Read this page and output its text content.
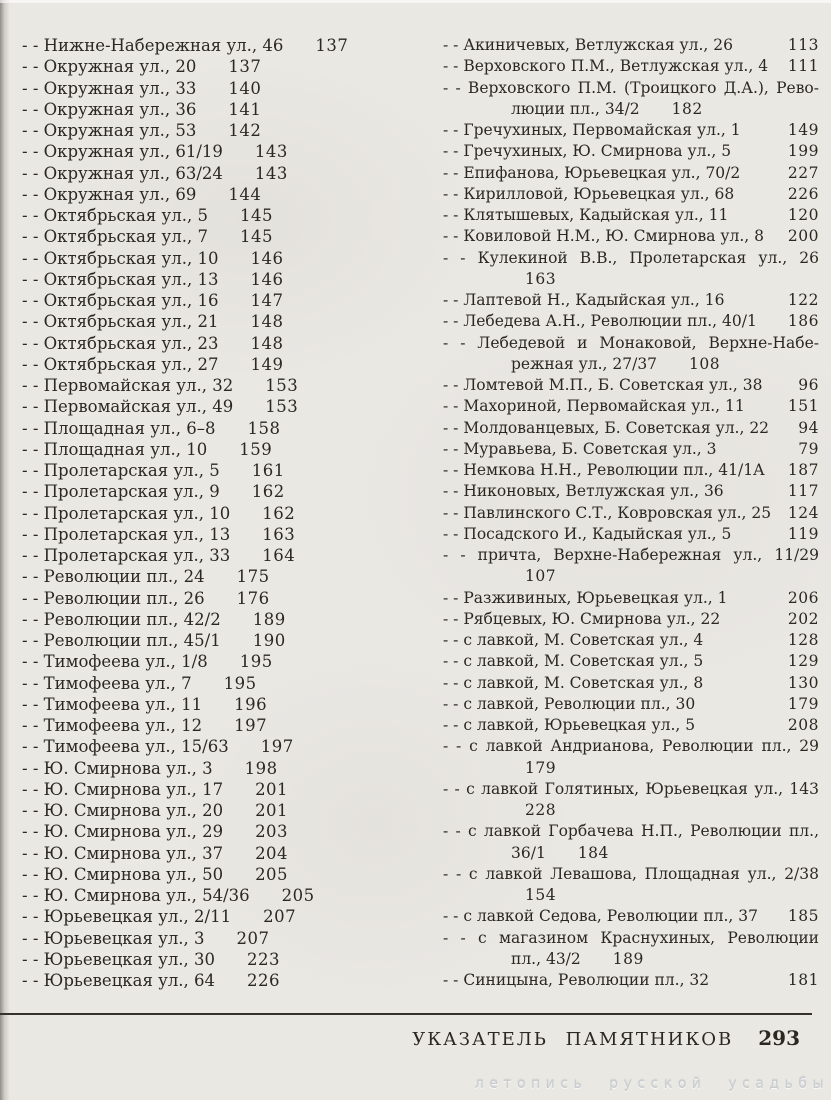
- - Нижне-Набережная ул., 46 137
- - Окружная ул., 20 137
- - Окружная ул., 33 140
- - Окружная ул., 36 141
- - Окружная ул., 53 142
- - Окружная ул., 61/19 143
- - Окружная ул., 63/24 143
- - Окружная ул., 69 144
- - Октябрьская ул., 5 145
- - Октябрьская ул., 7 145
- - Октябрьская ул., 10 146
- - Октябрьская ул., 13 146
- - Октябрьская ул., 16 147
- - Октябрьская ул., 21 148
- - Октябрьская ул., 23 148
- - Октябрьская ул., 27 149
- - Первомайская ул., 32 153
- - Первомайская ул., 49 153
- - Площадная ул., 6–8 158
- - Площадная ул., 10 159
- - Пролетарская ул., 5 161
- - Пролетарская ул., 9 162
- - Пролетарская ул., 10 162
- - Пролетарская ул., 13 163
- - Пролетарская ул., 33 164
- - Революции пл., 24 175
- - Революции пл., 26 176
- - Революции пл., 42/2 189
- - Революции пл., 45/1 190
- - Тимофеева ул., 1/8 195
- - Тимофеева ул., 7 195
- - Тимофеева ул., 11 196
- - Тимофеева ул., 12 197
- - Тимофеева ул., 15/63 197
- - Ю. Смирнова ул., 3 198
- - Ю. Смирнова ул., 17 201
- - Ю. Смирнова ул., 20 201
- - Ю. Смирнова ул., 29 203
- - Ю. Смирнова ул., 37 204
- - Ю. Смирнова ул., 50 205
- - Ю. Смирнова ул., 54/36 205
- - Юрьевецкая ул., 2/11 207
- - Юрьевецкая ул., 3 207
- - Юрьевецкая ул., 30 223
- - Юрьевецкая ул., 64 226
- - Акиничевых, Ветлужская ул., 26	113
- - Верховского П.М., Ветлужская ул., 4 111
- - Верховского П.М. (Троицкого Д.А.), Рево-
люции пл., 34/2 182
- - Гречухиных, Первомайская ул., 1	149
- - Гречухиных, Ю. Смирнова ул., 5	199
- - Епифанова, Юрьевецкая ул., 70/2	227
- - Кирилловой, Юрьевецкая ул., 68	226
- - Клятышевых, Кадыйская ул., 11	120
- - Ковиловой Н.М., Ю. Смирнова ул., 8 200
- - Кулекиной В.В., Пролетарская ул., 26
163
- - Лаптевой Н., Кадыйская ул., 16	122
- - Лебедева А.Н., Революции пл., 40/1 186
- - Лебедевой и Монаковой, Верхне-Набе-
режная ул., 27/37 108
- - Ломтевой М.П., Б. Советская ул., 38 96
- - Махориной, Первомайская ул., 11	151
- - Молдованцевых, Б. Советская ул., 22 94
- - Муравьева, Б. Советская ул., 3	79
- - Немкова Н.Н., Революции пл., 41/1А 187
- - Никоновых, Ветлужская ул., 36	117
- - Павлинского С.Т., Ковровская ул., 25 124
- - Посадского И., Кадыйская ул., 5	119
- - причта, Верхне-Набережная ул., 11/29
107
- - Разживиных, Юрьевецкая ул., 1	206
- - Рябцевых, Ю. Смирнова ул., 22	202
- - с лавкой, М. Советская ул., 4	128
- - с лавкой, М. Советская ул., 5	129
- - с лавкой, М. Советская ул., 8	130
- - с лавкой, Революции пл., 30	179
- - с лавкой, Юрьевецкая ул., 5	208
- - с лавкой Андрианова, Революции пл., 29
179
- - с лавкой Голятиных, Юрьевецкая ул., 143
228
- - с лавкой Горбачева Н.П., Революции пл.,
36/1 184
- - с лавкой Левашова, Площадная ул., 2/38
154
- - с лавкой Седова, Революции пл., 37 185
- - с магазином Краснухиных, Революции
пл., 43/2 189
- - Синицына, Революции пл., 32	181
УКАЗАТЕЛЬ ПАМЯТНИКОВ 293
летопись русской усадьбы
